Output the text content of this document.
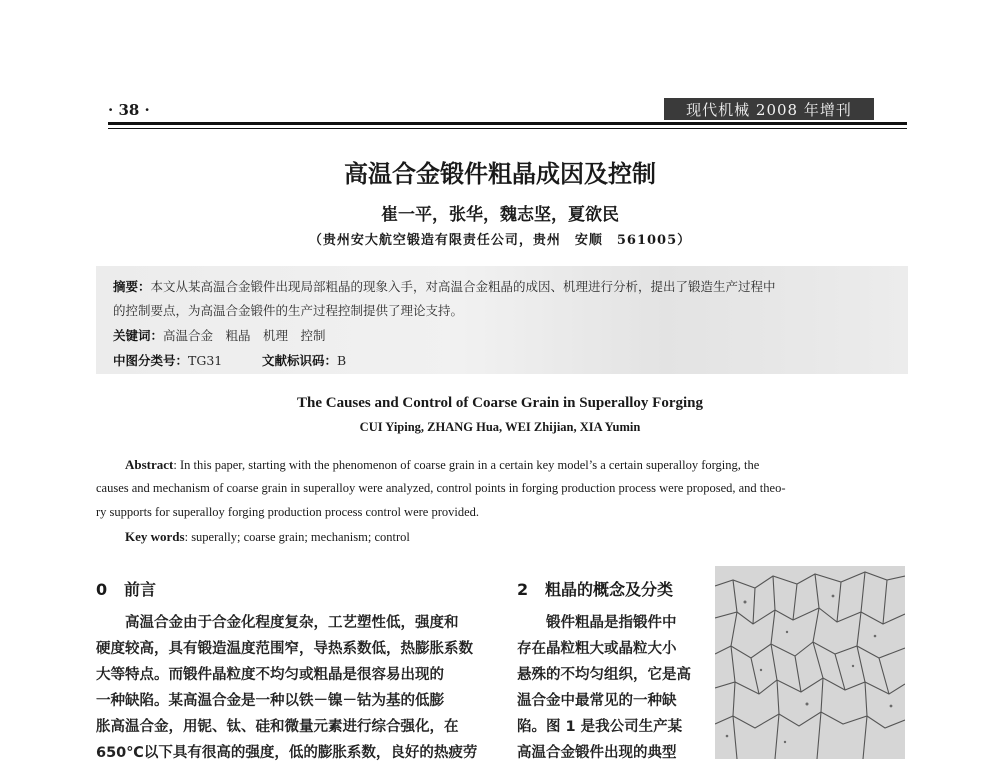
· 38 ·	现代机械 2008 年增刊
高温合金锻件粗晶成因及控制
崔一平，张华，魏志坚，夏欲民
（贵州安大航空锻造有限责任公司，贵州　安顺　561005）
摘要：本文从某高温合金锻件出现局部粗晶的现象入手，对高温合金粗晶的成因、机理进行分析，提出了锻造生产过程中
的控制要点，为高温合金锻件的生产过程控制提供了理论支持。
关键词：高温合金　粗晶　机理　控制
中图分类号：TG31	文献标识码：B
The Causes and Control of Coarse Grain in Superalloy Forging
CUI Yiping, ZHANG Hua, WEI Zhijian, XIA Yumin
Abstract: In this paper, starting with the phenomenon of coarse grain in a certain key model’s a certain superalloy forging, the
causes and mechanism of coarse grain in superalloy were analyzed, control points in forging production process were proposed, and theo-
ry supports for superalloy forging production process control were provided.
Key words: superally; coarse grain; mechanism; control
0 前言
高温合金由于合金化程度复杂，工艺塑性低，强度和
硬度较高，具有锻造温度范围窄，导热系数低，热膨胀系数
大等特点。而锻件晶粒度不均匀或粗晶是很容易出现的
一种缺陷。某高温合金是一种以铁－镍－钴为基的低膨
胀高温合金，用铌、钛、硅和微量元素进行综合强化，在
650℃以下具有很高的强度，低的膨胀系数，良好的热疲劳
2 粗晶的概念及分类
锻件粗晶是指锻件中
存在晶粒粗大或晶粒大小
悬殊的不均匀组织，它是高
温合金中最常见的一种缺
陷。图 1 是我公司生产某
高温合金锻件出现的典型
